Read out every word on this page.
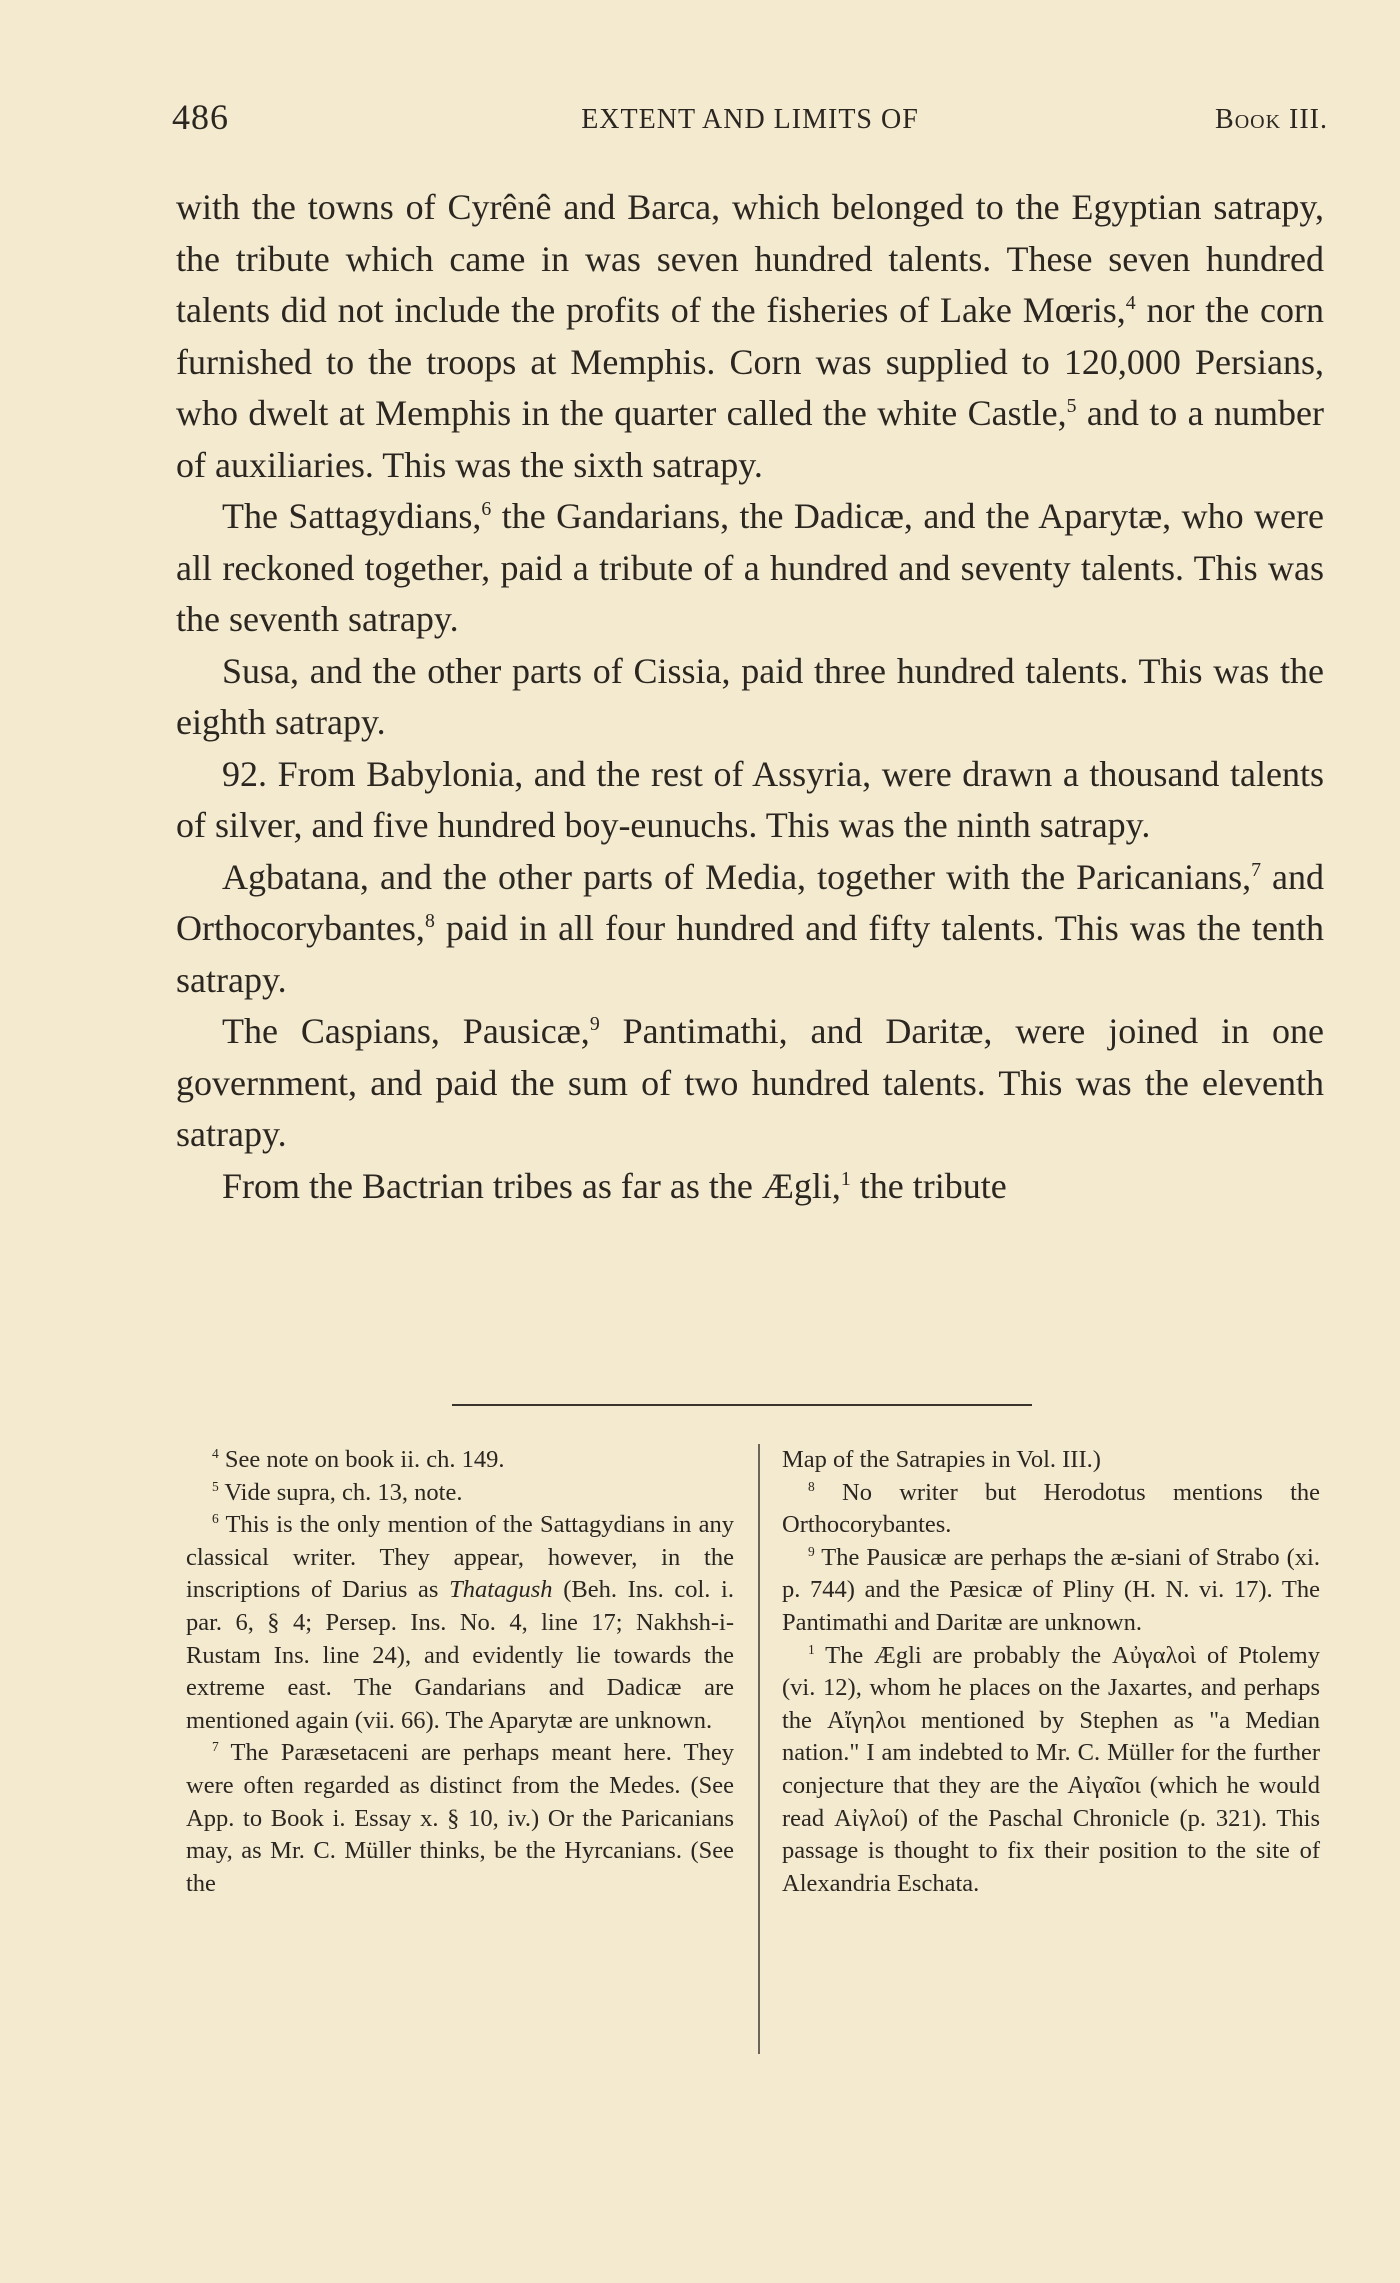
486	EXTENT AND LIMITS OF	Book III.

with the towns of Cyrênê and Barca, which belonged to the Egyptian satrapy, the tribute which came in was seven hundred talents. These seven hundred talents did not include the profits of the fisheries of Lake Mœris,$^4$ nor the corn furnished to the troops at Memphis. Corn was supplied to 120,000 Persians, who dwelt at Memphis in the quarter called the white Castle,$^5$ and to a number of auxiliaries. This was the sixth satrapy.

The Sattagydians,$^6$ the Gandarians, the Dadicæ, and the Aparytæ, who were all reckoned together, paid a tribute of a hundred and seventy talents. This was the seventh satrapy.

Susa, and the other parts of Cissia, paid three hundred talents. This was the eighth satrapy.

92. From Babylonia, and the rest of Assyria, were drawn a thousand talents of silver, and five hundred boy-eunuchs. This was the ninth satrapy.

Agbatana, and the other parts of Media, together with the Paricanians,$^7$ and Orthocorybantes,$^8$ paid in all four hundred and fifty talents. This was the tenth satrapy.

The Caspians, Pausicæ,$^9$ Pantimathi, and Daritæ, were joined in one government, and paid the sum of two hundred talents. This was the eleventh satrapy.

From the Bactrian tribes as far as the Ægli,$^1$ the tribute

$^4$ See note on book ii. ch. 149.

$^5$ Vide supra, ch. 13, note.

$^6$ This is the only mention of the Sattagydians in any classical writer. They appear, however, in the inscriptions of Darius as Thatagush (Beh. Ins. col. i. par. 6, § 4; Persep. Ins. No. 4, line 17; Nakhsh-i-Rustam Ins. line 24), and evidently lie towards the extreme east. The Gandarians and Dadicæ are mentioned again (vii. 66). The Aparytæ are unknown.

$^7$ The Paræsetaceni are perhaps meant here. They were often regarded as distinct from the Medes. (See App. to Book i. Essay x. § 10, iv.) Or the Paricanians may, as Mr. C. Müller thinks, be the Hyrcanians. (See the

Map of the Satrapies in Vol. III.)

$^8$ No writer but Herodotus mentions the Orthocorybantes.

$^9$ The Pausicæ are perhaps the æ-siani of Strabo (xi. p. 744) and the Pæsicæ of Pliny (H. N. vi. 17). The Pantimathi and Daritæ are unknown.

$^1$ The Ægli are probably the Αὐγαλοὶ of Ptolemy (vi. 12), whom he places on the Jaxartes, and perhaps the Αἴγηλοι mentioned by Stephen as "a Median nation." I am indebted to Mr. C. Müller for the further conjecture that they are the Αἰγαῖοι (which he would read Αἰγλοί) of the Paschal Chronicle (p. 321). This passage is thought to fix their position to the site of Alexandria Eschata.
